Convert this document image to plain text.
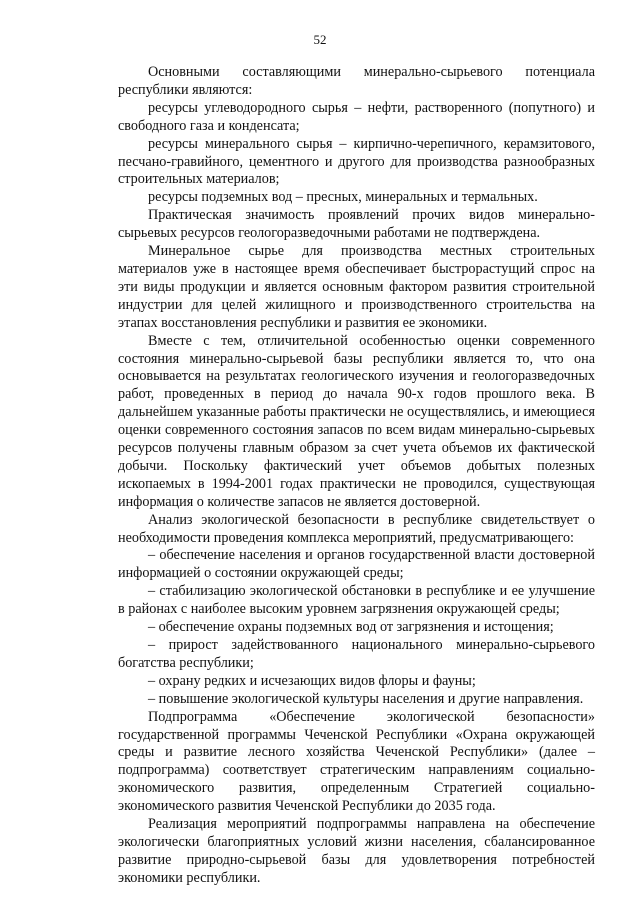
52

Основными составляющими минерально-сырьевого потенциала республики являются:

ресурсы углеводородного сырья – нефти, растворенного (попутного) и свободного газа и конденсата;

ресурсы минерального сырья – кирпично-черепичного, керамзитового, песчано-гравийного, цементного и другого для производства разнообразных строительных материалов;

ресурсы подземных вод – пресных, минеральных и термальных.

Практическая значимость проявлений прочих видов минерально-сырьевых ресурсов геологоразведочными работами не подтверждена.

Минеральное сырье для производства местных строительных материалов уже в настоящее время обеспечивает быстрорастущий спрос на эти виды продукции и является основным фактором развития строительной индустрии для целей жилищного и производственного строительства на этапах восстановления республики и развития ее экономики.

Вместе с тем, отличительной особенностью оценки современного состояния минерально-сырьевой базы республики является то, что она основывается на результатах геологического изучения и геологоразведочных работ, проведенных в период до начала 90-х годов прошлого века. В дальнейшем указанные работы практически не осуществлялись, и имеющиеся оценки современного состояния запасов по всем видам минерально-сырьевых ресурсов получены главным образом за счет учета объемов их фактической добычи. Поскольку фактический учет объемов добытых полезных ископаемых в 1994-2001 годах практически не проводился, существующая информация о количестве запасов не является достоверной.

Анализ экологической безопасности в республике свидетельствует о необходимости проведения комплекса мероприятий, предусматривающего:

– обеспечение населения и органов государственной власти достоверной информацией о состоянии окружающей среды;

– стабилизацию экологической обстановки в республике и ее улучшение в районах с наиболее высоким уровнем загрязнения окружающей среды;

– обеспечение охраны подземных вод от загрязнения и истощения;

– прирост задействованного национального минерально-сырьевого богатства республики;

– охрану редких и исчезающих видов флоры и фауны;

– повышение экологической культуры населения и другие направления.

Подпрограмма «Обеспечение экологической безопасности» государственной программы Чеченской Республики «Охрана окружающей среды и развитие лесного хозяйства Чеченской Республики» (далее – подпрограмма) соответствует стратегическим направлениям социально-экономического развития, определенным Стратегией социально-экономического развития Чеченской Республики до 2035 года.

Реализация мероприятий подпрограммы направлена на обеспечение экологически благоприятных условий жизни населения, сбалансированное развитие природно-сырьевой базы для удовлетворения потребностей экономики республики.
